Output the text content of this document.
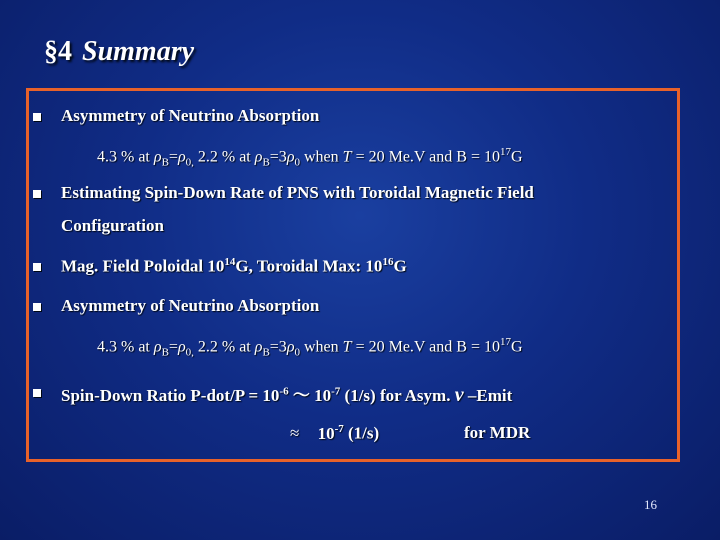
§4 Summary
Asymmetry of Neutrino Absorption
4.3 % at $\rho_B=\rho_{0,}$ 2.2 % at $\rho_B=3\rho_0$ when T = 20 Me.V and $B = 10^{17}G$
Estimating Spin-Down Rate of PNS with Toroidal Magnetic Field
Configuration
Mag. Field Poloidal $10^{14}G$, Toroidal Max: $10^{16}G$
Asymmetry of Neutrino Absorption
4.3 % at $\rho_B=\rho_{0,}$ 2.2 % at $\rho_B=3\rho_0$ when T = 20 Me.V and $B = 10^{17}G$
Spin-Down Ratio $P-dot/P = 10^{-6}$ ～ $10^{-7}$ (1/s) for Asym. ν –Emit
≈ $10^{-7}$ (1/s)	for MDR
16
